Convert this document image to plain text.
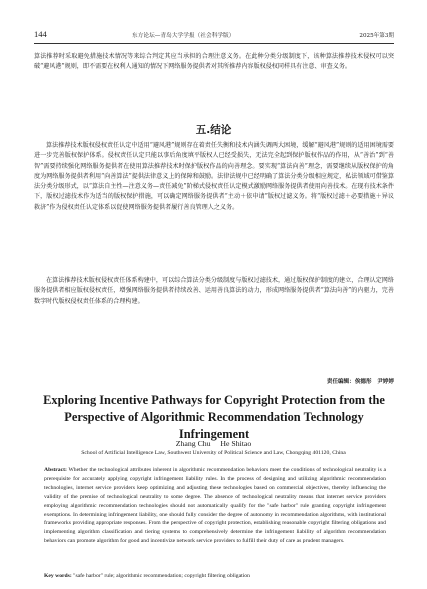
144	东方论坛—青岛大学学报（社会科学版）	2025年第3期

算法推荐时采取避免措施技术情况等来综合判定其应当承担的合理注意义务。在此种分类分级制度下，该种算法推荐技术侵权可以突破“避风港”规则，即不需要在权利人通知的情况下网络服务提供者对其所推荐内容版权侵权同样具有注意、审查义务。

五.结论

算法推荐技术版权侵权责任认定中适用“避风港”规则存在着责任失衡和技术内涵失调两大困境，缓解“避风港”规则的适用困境需要进一步完善版权保护体系。侵权责任认定只能以事后角度填平版权人已经受损失，无法完全起到保护版权作品的作用，从“善治”到“善智”需要持续强化网络服务提供者在使用算法推荐技术时保护版权作品的向善理念。要实现“算法向善”理念，需要继续从版权保护的角度为网络服务提供者利用“向善算法”提供法律意义上的保障和鼓励。法律法规中已经明确了算法分类分级相应规定，私法领域可借鉴算法分类分级形式，以“算法自主性—注意义务—责任减免”阶梯式侵权责任认定模式激励网络服务提供者使用向善技术。在现有技术条件下，版权过滤技术作为适当的版权保护措施，可以确定网络服务提供者“主动＋依申请”版权过滤义务。将“版权过滤＋必要措施＋异议救济”作为侵权责任认定体系以促使网络服务提供者履行善良管理人之义务。

在算法推荐技术版权侵权责任体系构建中，可以综合算法分类分级制度与版权过滤技术，通过版权保护制度的建立，合理认定网络服务提供者相应版权侵权责任，增强网络服务提供者持续改善、运用善良算法的动力，形成网络服务提供者“算法向善”的内驱力，完善数字时代版权侵权责任体系的合理构建。

责任编辑：俟德彤　尹婷婷
Exploring Incentive Pathways for Copyright Protection from the Perspective of Algorithmic Recommendation Technology Infringement
Zhang Chu　 He Shitao
School of Artificial Intelligence Law, Southwest University of Political Science and Law, Chongqing 401120, China

Abstract: Whether the technological attributes inherent in algorithmic recommendation behaviors meet the conditions of technological neutrality is a prerequisite for accurately applying copyright infringement liability rules. In the process of designing and utilizing algorithmic recommendation technologies, internet service providers keep optimizing and adjusting these technologies based on commercial objectives, thereby influencing the validity of the premise of technological neutrality to some degree. The absence of technological neutrality means that internet service providers employing algorithmic recommendation technologies should not automatically qualify for the "safe harbor" rule granting copyright infringement exemptions. In determining infringement liability, one should fully consider the degree of autonomy in recommendation algorithms, with institutional frameworks providing appropriate responses. From the perspective of copyright protection, establishing reasonable copyright filtering obligations and implementing algorithm classification and tiering systems to comprehensively determine the infringement liability of algorithm recommendation behaviors can promote algorithm for good and incentivize network service providers to fulfill their duty of care as prudent managers.

Key words: "safe harbor" rule; algorithmic recommendation; copyright filtering obligation
